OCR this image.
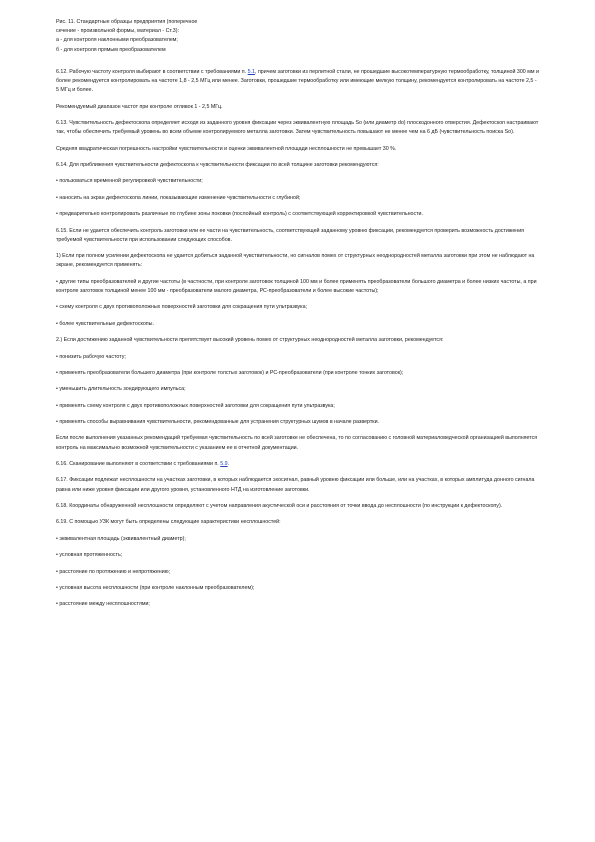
Рис. 11. Стандартные образцы предприятия (поперечное
сечение - произвольной формы, материал - Ст.3):
а - для контроля наклонными преобразователем;
б - для контроля прямым преобразователем

6.12. Рабочую частоту контроля выбирают в соответствии с требованиями п. 5.1, причем заготовки из перлитной стали, не прошедшие высокотемпературную термообработку, толщиной 300 мм и более рекомендуется контролировать на частоте 1,8 - 2,5 МГц или менее. Заготовки, прошедшие термообработку или имеющие мелкую толщину, рекомендуется контролировать на частоте 2,5 - 5 МГц и более.

Рекомендуемый диапазон частот при контроле отливок 1 - 2,5 МГц.

6.13. Чувствительность дефектоскопа определяет исходя из заданного уровня фиксации через эквивалентную площадь Sо (или диаметр do) плоскодонного отверстия. Дефектоскоп настраивают так, чтобы обеспечить требуемый уровень во всем объеме контролируемого металла заготовки. Затем чувствительность повышают не менее чем на 6 дБ (чувствительность поиска So).

Средняя квадратическая погрешность настройки чувствительности и оценки эквивалентной площади несплошности не превышает 30 %.

6.14. Для приближения чувствительности дефектоскопа к чувствительности фиксации по всей толщине заготовки рекомендуются:

• пользоваться временной регулировкой чувствительности;

• наносить на экран дефектоскопа линии, показывающие изменение чувствительности с глубиной;

• предварительно контролировать различные по глубине зоны поковки (послойный контроль) с соответствующей корректировкой чувствительности.

6.15. Если не удается обеспечить контроль заготовки или ее части на чувствительность, соответствующей заданному уровню фиксации, рекомендуется проверить возможность достижения требуемой чувствительности при использовании следующих способов.

1) Если при полном усилении дефектоскопа не удается добиться заданной чувствительности, но сигналов помех от структурных неоднородностей металла заготовки при этом не наблюдают на экране, рекомендуется применять:

• другие типы преобразователей и другие частоты (в частности, при контроле заготовок толщиной 100 мм и более применять преобразователи большого диаметра и более низких частоты, а при контроле заготовок толщиной менее 100 мм - преобразователи малого диаметра, РС-преобразователи и более высокие частоты);

• схему контроля с двух противоположных поверхностей заготовки для сокращения пути ультразвука;

• более чувствительные дефектоскопы.

2.) Если достижению заданной чувствительности препятствует высокий уровень помех от структурных неоднородностей металла заготовки, рекомендуется:

• понизить рабочую частоту;

• применять преобразователи большего диаметра (при контроле толстых заготовок) и РС-преобразователи (при контроле тонких заготовок);

• уменьшить длительность зондирующего импульса;

• применять схему контроля с двух противоположных поверхностей заготовки для сокращения пути ультразвука;

• применять способы выравнивания чувствительности, рекомендованные для устранения структурных шумов в начале развертки.

Если после выполнения указанных рекомендаций требуемая чувствительность по всей заготовке не обеспечена, то по согласованию с головной материаловедческой организацией выполняется контроль на максимально возможной чувствительности с указанием ее в отчетной документации.

6.16. Сканирование выполняют в соответствии с требованиями п. 5.9.

6.17. Фиксации подлежат несплошности на участках заготовки, в которых наблюдается эхосигнал, равный уровню фиксации или больше, или на участках, в которых амплитуда донного сигнала равна или ниже уровня фиксации или другого уровня, установленного НТД на изготовление заготовки.

6.18. Координаты обнаруженной несплошности определяют с учетом направления акустической оси и расстояния от точки ввода до несплошности (по инструкции к дефектоскопу).

6.19. С помощью УЗК могут быть определены следующие характеристики несплошностей:

• эквивалентная площадь (эквивалентный диаметр);

• условная протяженность;

• расстояние по протяжению и непротяжению;

• условная высота несплошности (при контроле наклонным преобразователем);

• расстояние между несплошностями;
